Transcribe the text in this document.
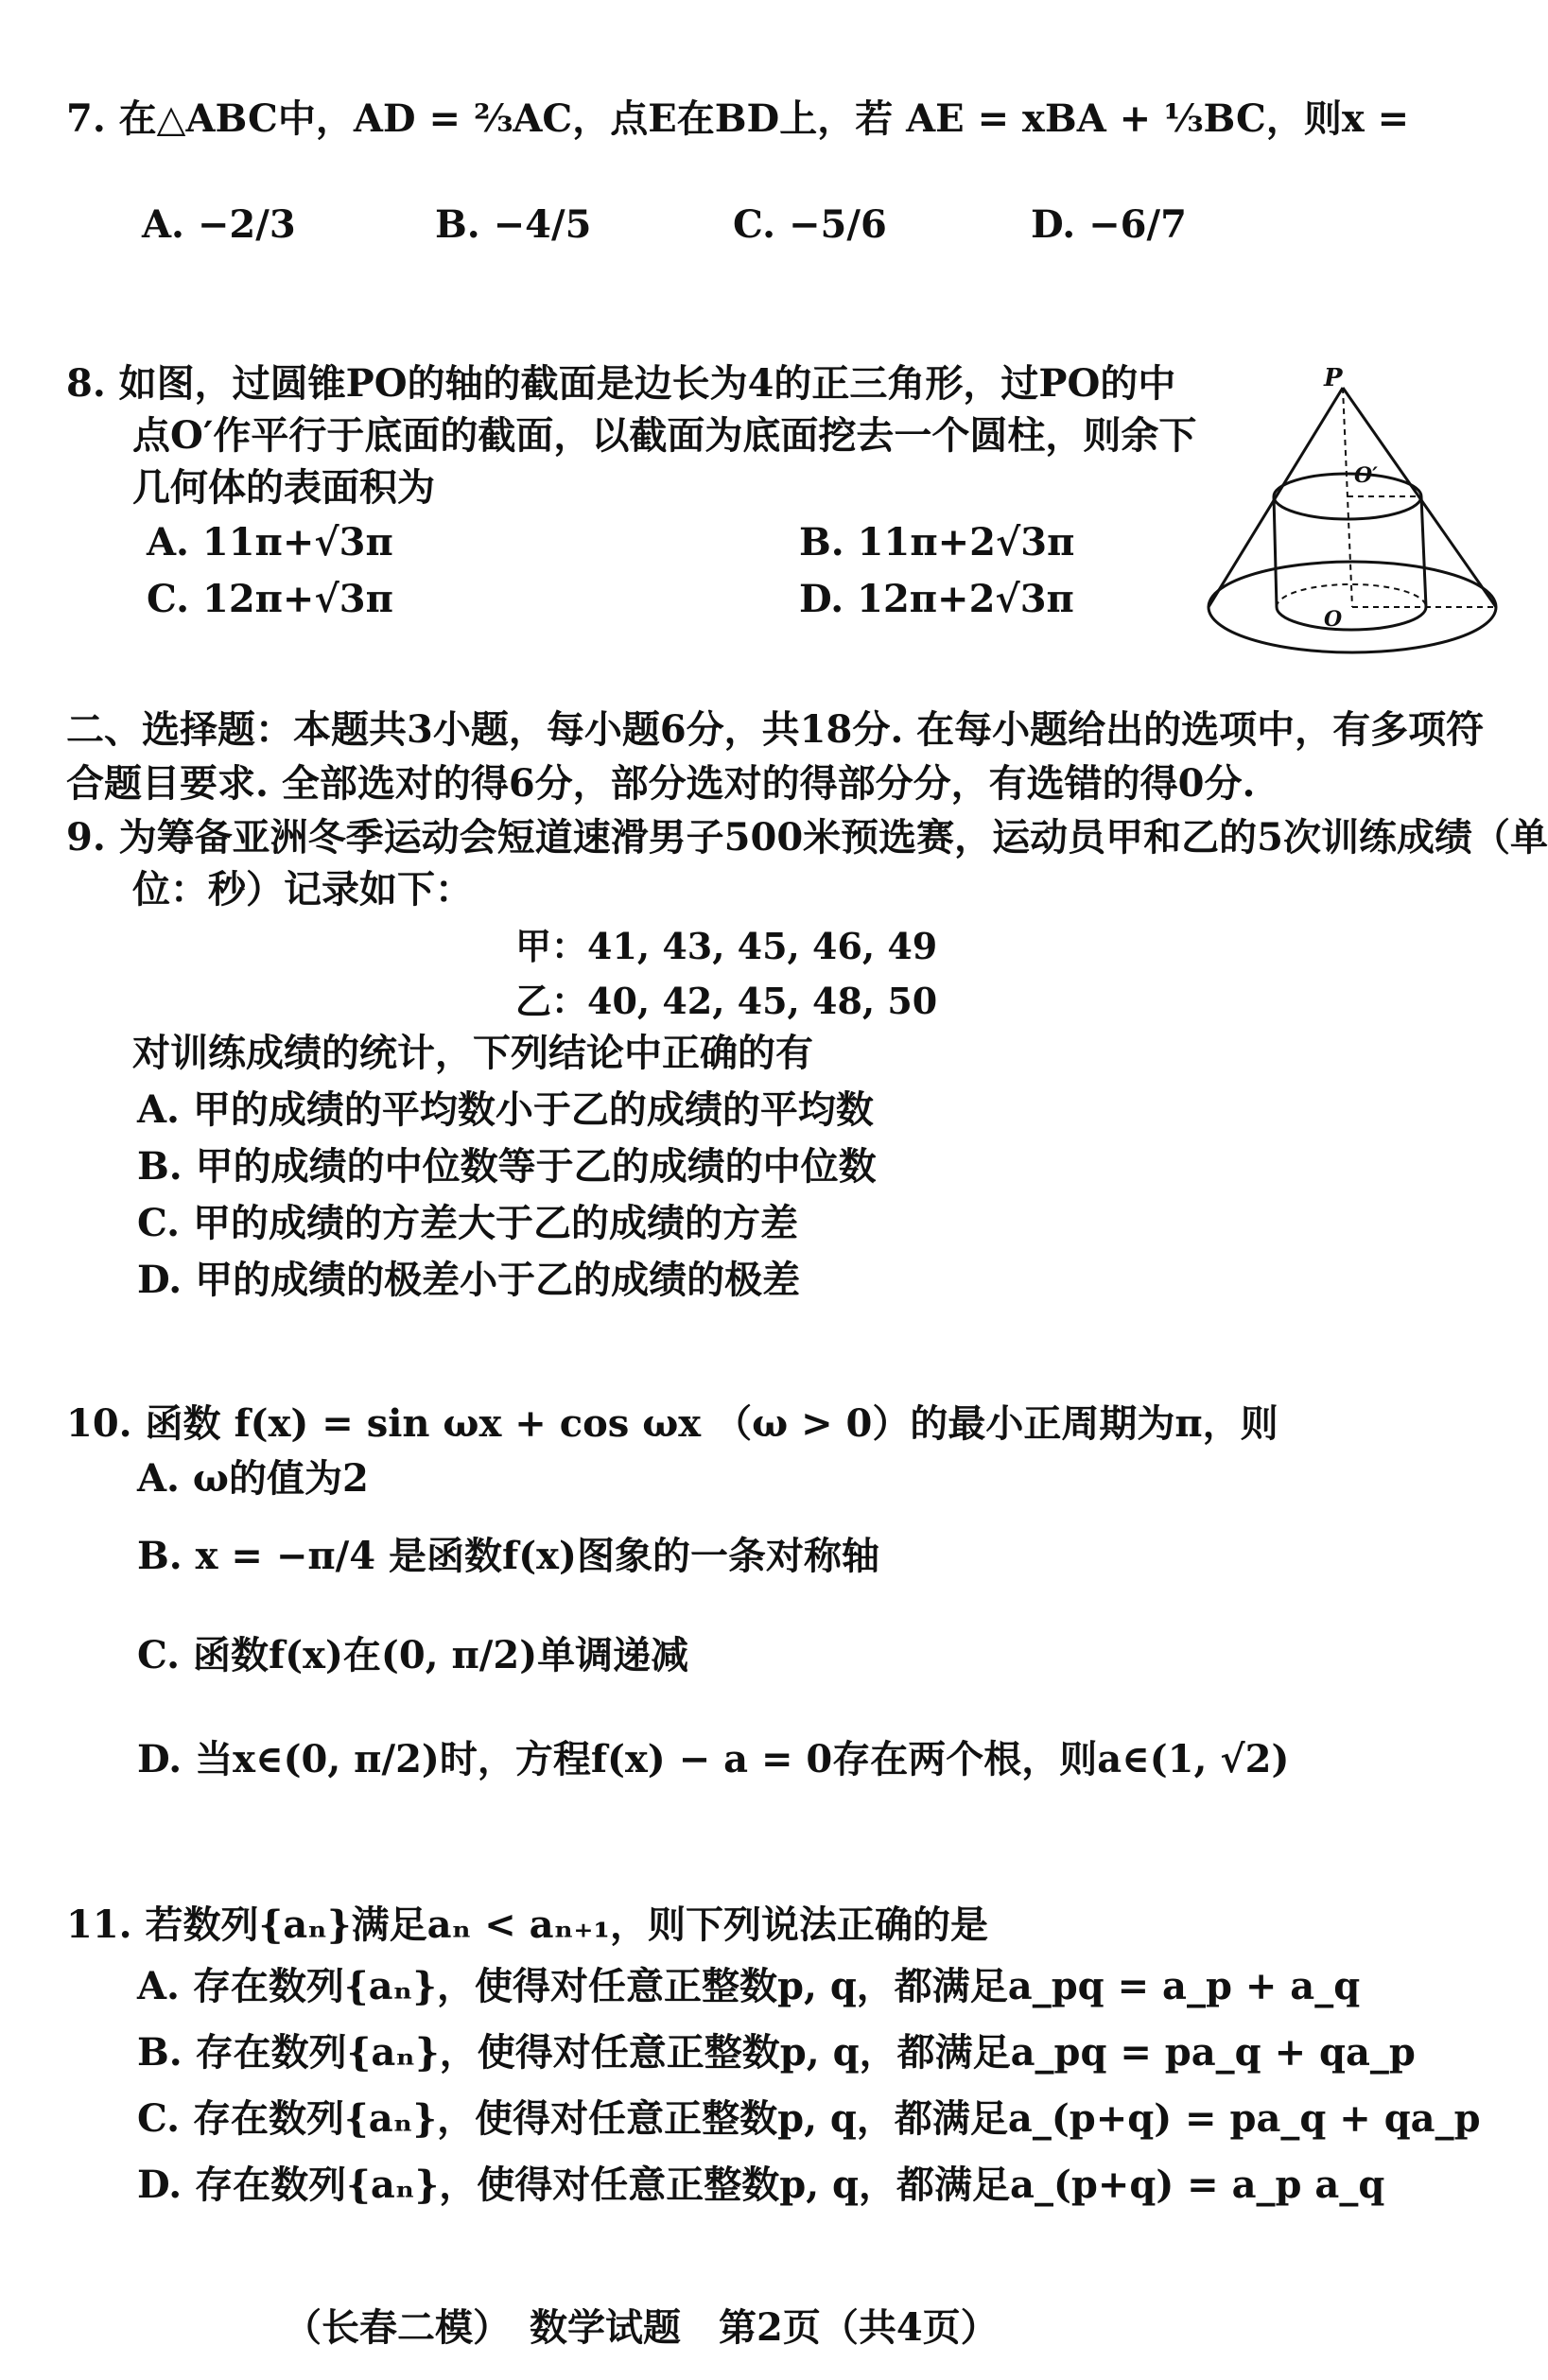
7. 在△ABC中，AD = ⅔AC，点E在BD上，若 AE = xBA + ⅓BC，则x =
A. −2/3	B. −4/5	C. −5/6	D. −6/7
8. 如图，过圆锥PO的轴的截面是边长为4的正三角形，过PO的中
点O′作平行于底面的截面，以截面为底面挖去一个圆柱，则余下
几何体的表面积为
A. 11π+√3π	B. 11π+2√3π
C. 12π+√3π	D. 12π+2√3π
P
O′
O
二、选择题：本题共3小题，每小题6分，共18分. 在每小题给出的选项中，有多项符
合题目要求. 全部选对的得6分，部分选对的得部分分，有选错的得0分.
9. 为筹备亚洲冬季运动会短道速滑男子500米预选赛，运动员甲和乙的5次训练成绩（单
位：秒）记录如下：
甲：41, 43, 45, 46, 49
乙：40, 42, 45, 48, 50
对训练成绩的统计，下列结论中正确的有
A. 甲的成绩的平均数小于乙的成绩的平均数
B. 甲的成绩的中位数等于乙的成绩的中位数
C. 甲的成绩的方差大于乙的成绩的方差
D. 甲的成绩的极差小于乙的成绩的极差
10. 函数 f(x) = sin ωx + cos ωx （ω > 0）的最小正周期为π，则
A. ω的值为2
B. x = −π/4 是函数f(x)图象的一条对称轴
C. 函数f(x)在(0, π/2)单调递减
D. 当x∈(0, π/2)时，方程f(x) − a = 0存在两个根，则a∈(1, √2)
11. 若数列{aₙ}满足aₙ < aₙ₊₁，则下列说法正确的是
A. 存在数列{aₙ}，使得对任意正整数p, q，都满足a_pq = a_p + a_q
B. 存在数列{aₙ}，使得对任意正整数p, q，都满足a_pq = pa_q + qa_p
C. 存在数列{aₙ}，使得对任意正整数p, q，都满足a_(p+q) = pa_q + qa_p
D. 存在数列{aₙ}，使得对任意正整数p, q，都满足a_(p+q) = a_p a_q
（长春二模）　数学试题　第2页（共4页）
